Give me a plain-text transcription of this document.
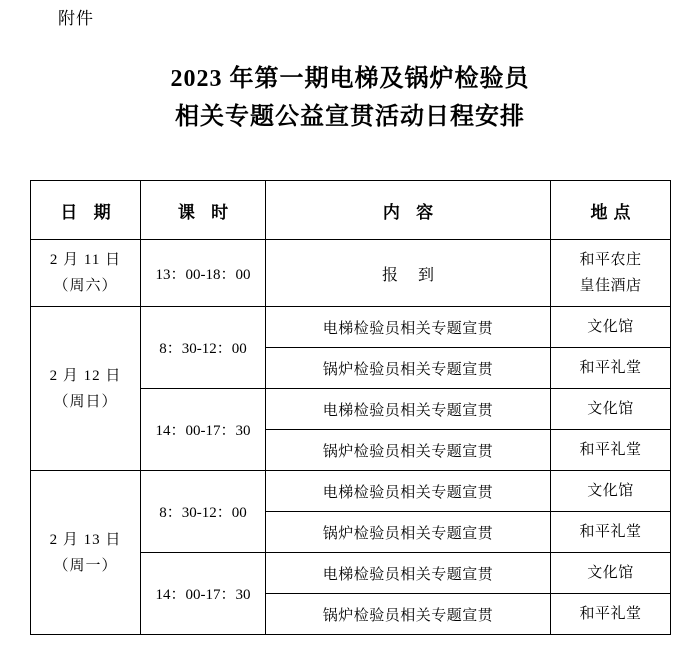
附件
2023 年第一期电梯及锅炉检验员
相关专题公益宣贯活动日程安排
日 期	课 时	内 容	地点

2 月 11 日
（周六）	13：00-18：00	报 到	和平农庄
皇佳酒店

2 月 12 日
（周日）	8：30-12：00	电梯检验员相关专题宣贯	文化馆
		锅炉检验员相关专题宣贯	和平礼堂
	14：00-17：30	电梯检验员相关专题宣贯	文化馆
		锅炉检验员相关专题宣贯	和平礼堂

2 月 13 日
（周一）	8：30-12：00	电梯检验员相关专题宣贯	文化馆
		锅炉检验员相关专题宣贯	和平礼堂
	14：00-17：30	电梯检验员相关专题宣贯	文化馆
		锅炉检验员相关专题宣贯	和平礼堂
